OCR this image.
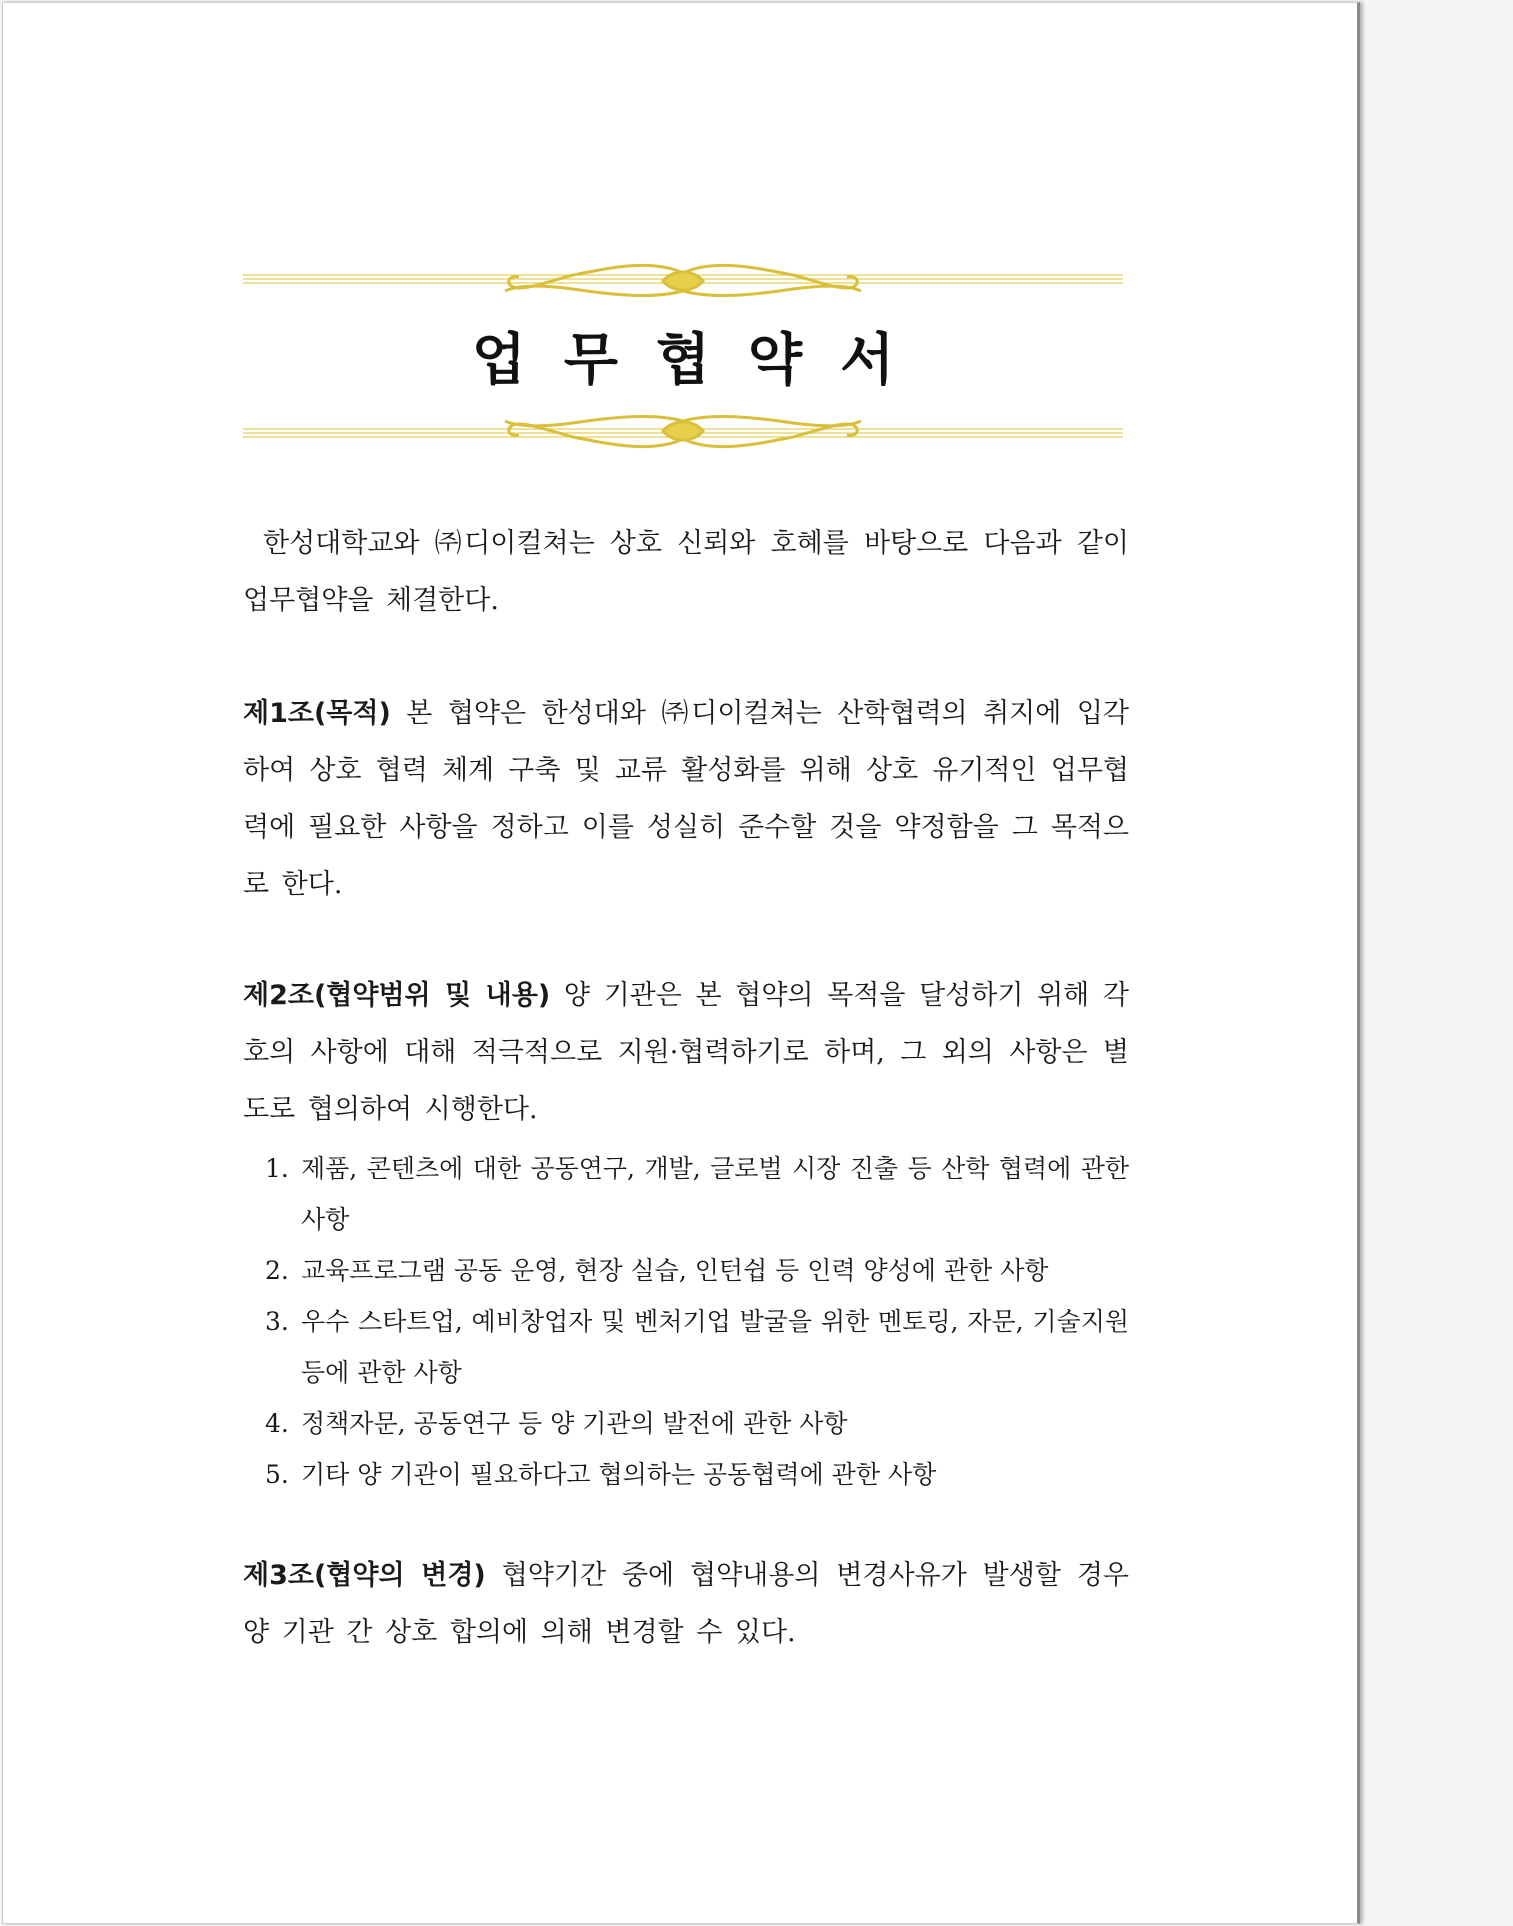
업무협약서
한성대학교와 ㈜디이컬쳐는 상호 신뢰와 호혜를 바탕으로 다음과 같이 업무협약을 체결한다.
제1조(목적) 본 협약은 한성대와 ㈜디이컬쳐는 산학협력의 취지에 입각하여 상호 협력 체계 구축 및 교류 활성화를 위해 상호 유기적인 업무협력에 필요한 사항을 정하고 이를 성실히 준수할 것을 약정함을 그 목적으로 한다.
제2조(협약범위 및 내용) 양 기관은 본 협약의 목적을 달성하기 위해 각 호의 사항에 대해 적극적으로 지원·협력하기로 하며, 그 외의 사항은 별도로 협의하여 시행한다.
1. 제품, 콘텐츠에 대한 공동연구, 개발, 글로벌 시장 진출 등 산학 협력에 관한 사항
2. 교육프로그램 공동 운영, 현장 실습, 인턴쉽 등 인력 양성에 관한 사항
3. 우수 스타트업, 예비창업자 및 벤처기업 발굴을 위한 멘토링, 자문, 기술지원 등에 관한 사항
4. 정책자문, 공동연구 등 양 기관의 발전에 관한 사항
5. 기타 양 기관이 필요하다고 협의하는 공동협력에 관한 사항
제3조(협약의 변경) 협약기간 중에 협약내용의 변경사유가 발생할 경우 양 기관 간 상호 합의에 의해 변경할 수 있다.
